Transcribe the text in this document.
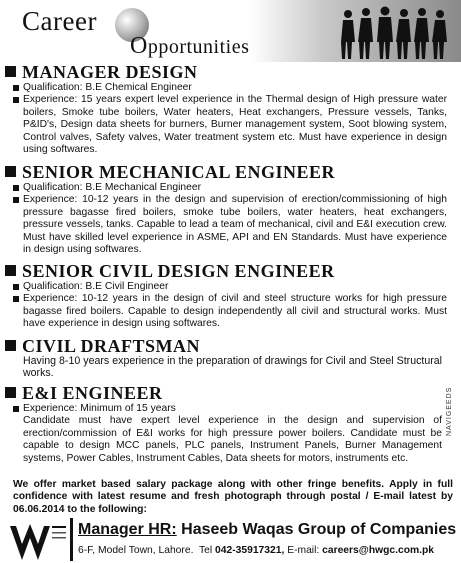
Career
Opportunities
MANAGER DESIGN

Qualification: B.E Chemical Engineer

Experience: 15 years expert level experience in the Thermal design of High pressure water boilers, Smoke tube boilers, Water heaters, Heat exchangers, Pressure vessels, Tanks, P&ID's, Design data sheets for burners, Burner management system, Soot blowing system, Control valves, Safety valves, Water treatment system etc. Must have experience in design using softwares.

SENIOR MECHANICAL ENGINEER

Qualification: B.E Mechanical Engineer

Experience: 10-12 years in the design and supervision of erection/commissioning of high pressure bagasse fired boilers, smoke tube boilers, water heaters, heat exchangers, pressure vessels, tanks. Capable to lead a team of mechanical, civil and E&I execution crew. Must have skilled level experience in ASME, API and EN Standards. Must have experience in design using softwares.

SENIOR CIVIL DESIGN ENGINEER

Qualification: B.E Civil Engineer

Experience: 10-12 years in the design of civil and steel structure works for high pressure bagasse fired boilers. Capable to design independently all civil and structural works. Must have experience in design using softwares.

CIVIL DRAFTSMAN

Having 8-10 years experience in the preparation of drawings for Civil and Steel Structural works.

E&I ENGINEER

Experience: Minimum of 15 years

Candidate must have expert level experience in the design and supervision of erection/commission of E&I works for high pressure power boilers. Candidate must be capable to design MCC panels, PLC panels, Instrument Panels, Burner Management systems, Power Cables, Instrument Cables, Data sheets for motors, instruments etc.

NAVIGEEDS

We offer market based salary package along with other fringe benefits. Apply in full confidence with latest resume and fresh photograph through postal / E-mail latest by 06.06.2014 to the following:

Manager HR: Haseeb Waqas Group of Companies
6-F, Model Town, Lahore. Tel 042-35917321, E-mail: careers@hwgc.com.pk
